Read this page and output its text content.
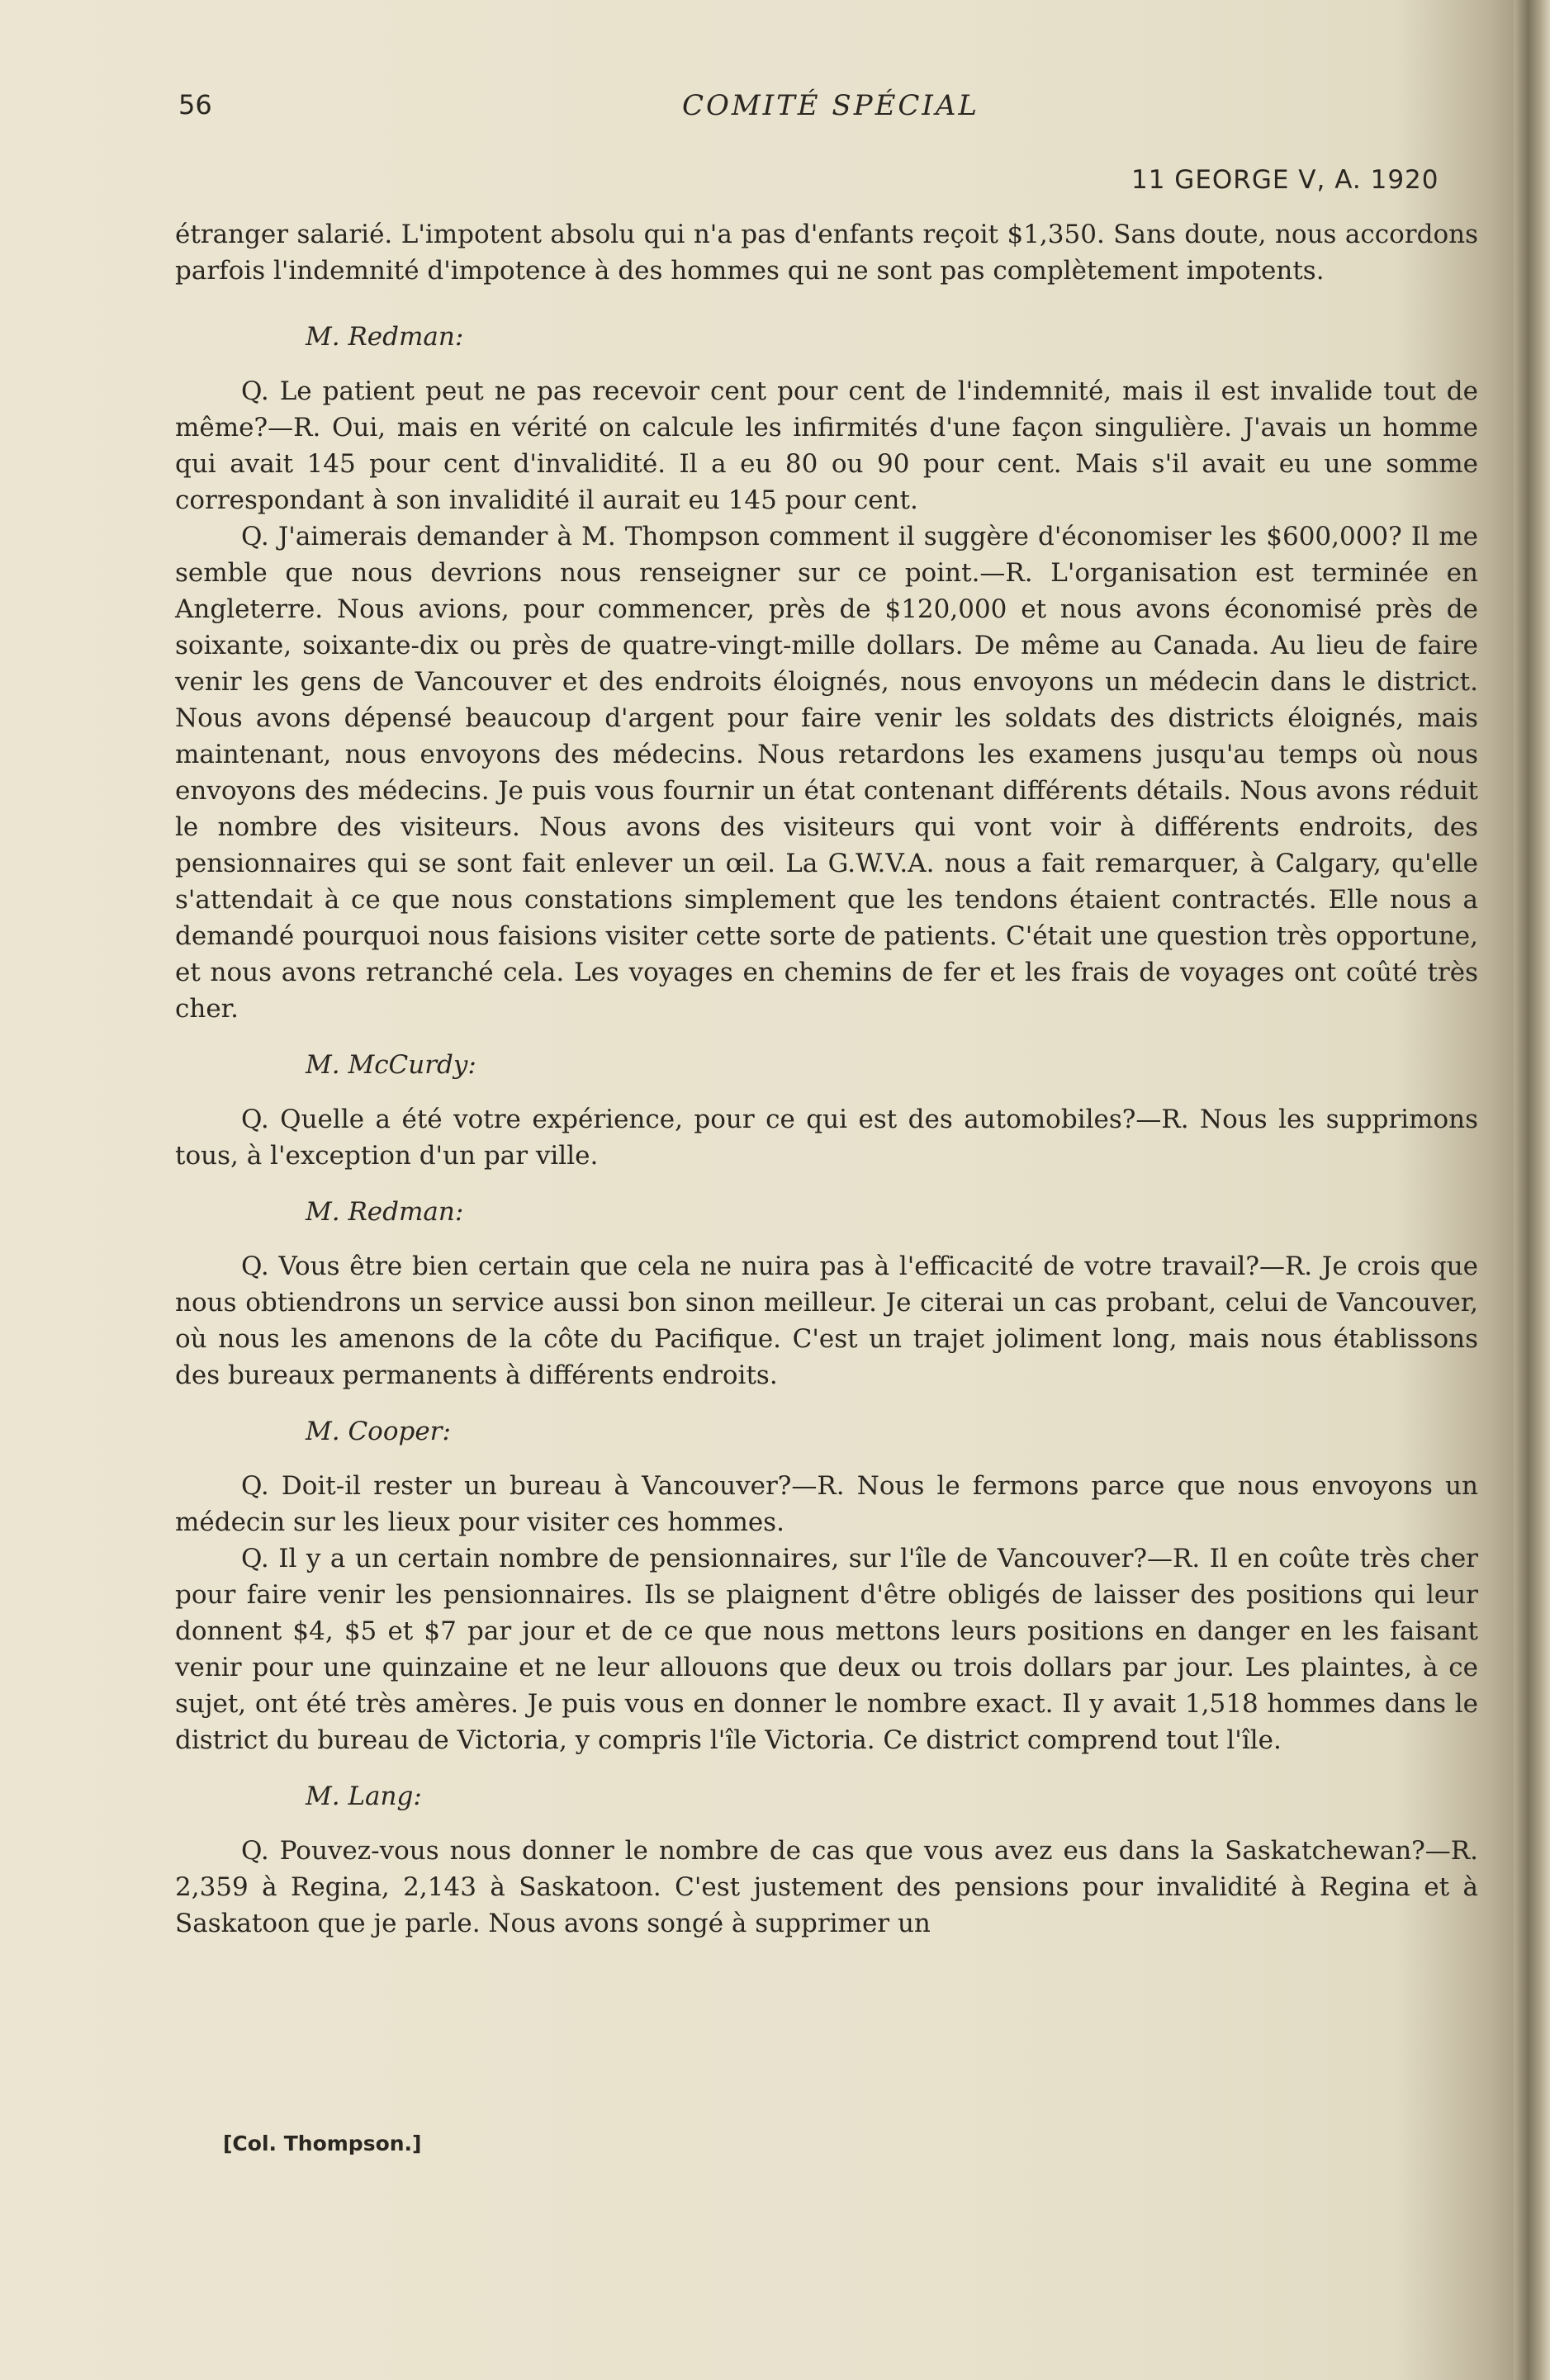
56	COMITÉ SPÉCIAL
11 GEORGE V, A. 1920

étranger salarié. L'impotent absolu qui n'a pas d'enfants reçoit $1,350. Sans doute, nous accordons parfois l'indemnité d'impotence à des hommes qui ne sont pas complètement impotents.

M. Redman:

Q. Le patient peut ne pas recevoir cent pour cent de l'indemnité, mais il est invalide tout de même?—R. Oui, mais en vérité on calcule les infirmités d'une façon singulière. J'avais un homme qui avait 145 pour cent d'invalidité. Il a eu 80 ou 90 pour cent. Mais s'il avait eu une somme correspondant à son invalidité il aurait eu 145 pour cent.

Q. J'aimerais demander à M. Thompson comment il suggère d'économiser les $600,000? Il me semble que nous devrions nous renseigner sur ce point.—R. L'organisation est terminée en Angleterre. Nous avions, pour commencer, près de $120,000 et nous avons économisé près de soixante, soixante-dix ou près de quatre-vingt-mille dollars. De même au Canada. Au lieu de faire venir les gens de Vancouver et des endroits éloignés, nous envoyons un médecin dans le district. Nous avons dépensé beaucoup d'argent pour faire venir les soldats des districts éloignés, mais maintenant, nous envoyons des médecins. Nous retardons les examens jusqu'au temps où nous envoyons des médecins. Je puis vous fournir un état contenant différents détails. Nous avons réduit le nombre des visiteurs. Nous avons des visiteurs qui vont voir à différents endroits, des pensionnaires qui se sont fait enlever un œil. La G.W.V.A. nous a fait remarquer, à Calgary, qu'elle s'attendait à ce que nous constations simplement que les tendons étaient contractés. Elle nous a demandé pourquoi nous faisions visiter cette sorte de patients. C'était une question très opportune, et nous avons retranché cela. Les voyages en chemins de fer et les frais de voyages ont coûté très cher.

M. McCurdy:

Q. Quelle a été votre expérience, pour ce qui est des automobiles?—R. Nous les supprimons tous, à l'exception d'un par ville.

M. Redman:

Q. Vous être bien certain que cela ne nuira pas à l'efficacité de votre travail?—R. Je crois que nous obtiendrons un service aussi bon sinon meilleur. Je citerai un cas probant, celui de Vancouver, où nous les amenons de la côte du Pacifique. C'est un trajet joliment long, mais nous établissons des bureaux permanents à différents endroits.

M. Cooper:

Q. Doit-il rester un bureau à Vancouver?—R. Nous le fermons parce que nous envoyons un médecin sur les lieux pour visiter ces hommes.

Q. Il y a un certain nombre de pensionnaires, sur l'île de Vancouver?—R. Il en coûte très cher pour faire venir les pensionnaires. Ils se plaignent d'être obligés de laisser des positions qui leur donnent $4, $5 et $7 par jour et de ce que nous mettons leurs positions en danger en les faisant venir pour une quinzaine et ne leur allouons que deux ou trois dollars par jour. Les plaintes, à ce sujet, ont été très amères. Je puis vous en donner le nombre exact. Il y avait 1,518 hommes dans le district du bureau de Victoria, y compris l'île Victoria. Ce district comprend tout l'île.

M. Lang:

Q. Pouvez-vous nous donner le nombre de cas que vous avez eus dans la Saskatchewan?—R. 2,359 à Regina, 2,143 à Saskatoon. C'est justement des pensions pour invalidité à Regina et à Saskatoon que je parle. Nous avons songé à supprimer un

[Col. Thompson.]
